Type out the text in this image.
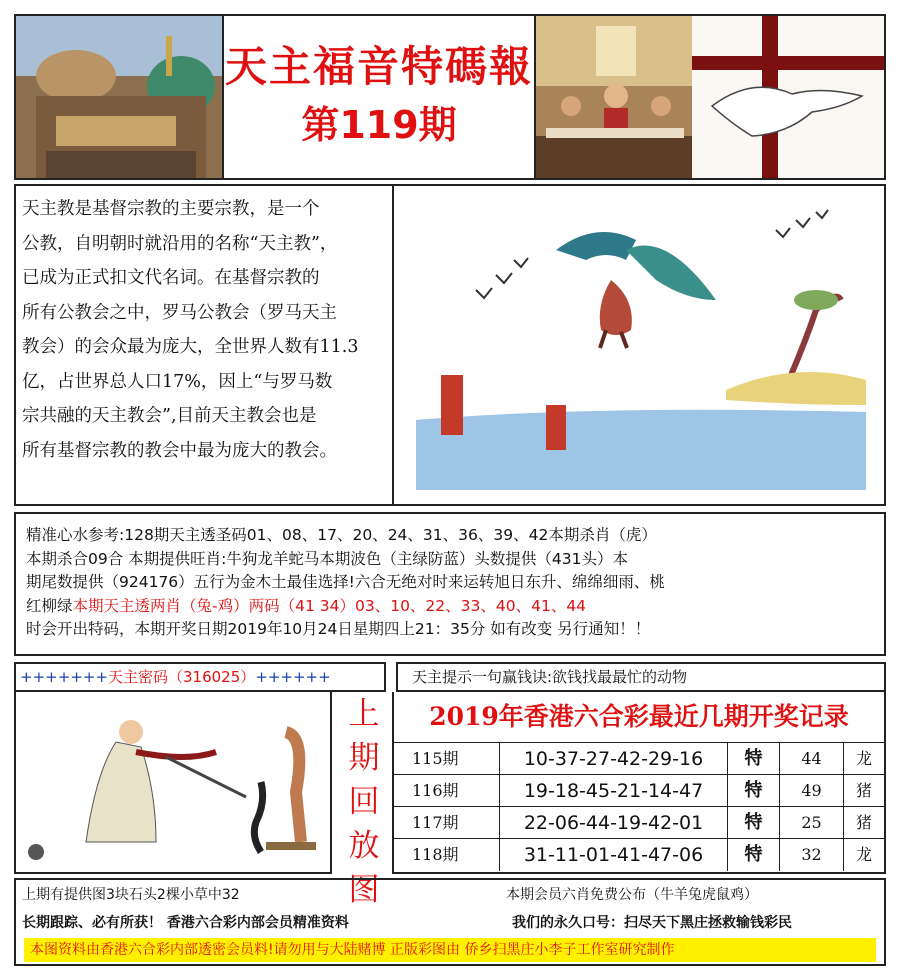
天主福音特碼報
第119期

天主教是基督宗教的主要宗教，是一个

公教，自明朝时就沿用的名称“天主教”，

已成为正式扣文代名词。在基督宗教的

所有公教会之中，罗马公教会（罗马天主

教会）的会众最为庞大，全世界人数有11.3

亿，占世界总人口17%，因上“与罗马数

宗共融的天主教会”,目前天主教会也是

所有基督宗教的教会中最为庞大的教会。

精准心水参考:128期天主透圣码01、08、17、20、24、31、36、39、42本期杀肖（虎）

本期杀合09合 本期提供旺肖:牛狗龙羊蛇马本期波色（主绿防蓝）头数提供（431头）本

期尾数提供（924176）五行为金木土最佳选择!六合无绝对时来运转旭日东升、绵绵细雨、桃

红柳绿本期天主透两肖（兔-鸡）两码（41 34）03、10、22、33、40、41、44

时会开出特码，本期开奖日期2019年10月24日星期四上21：35分 如有改变 另行通知！！

+++++++天主密码（316025）++++++	天主提示一句赢钱诀:欲钱找最最忙的动物
上
期
回
放
图
2019年香港六合彩最近几期开奖记录
115期	10-37-27-42-29-16	特	44	龙
116期	19-18-45-21-14-47	特	49	猪
117期	22-06-44-19-42-01	特	25	猪
118期	31-11-01-41-47-06	特	32	龙
上期有提供图3块石头2棵小草中32	本期会员六肖免费公布（牛羊兔虎鼠鸡）
长期跟踪、必有所获！ 香港六合彩内部会员精准资料	我们的永久口号：扫尽天下黑庄拯救输钱彩民
本图资料由香港六合彩内部透密会员料!请勿用与大陆赌博 正版彩图由 侨乡扫黑庄小李子工作室研究制作
